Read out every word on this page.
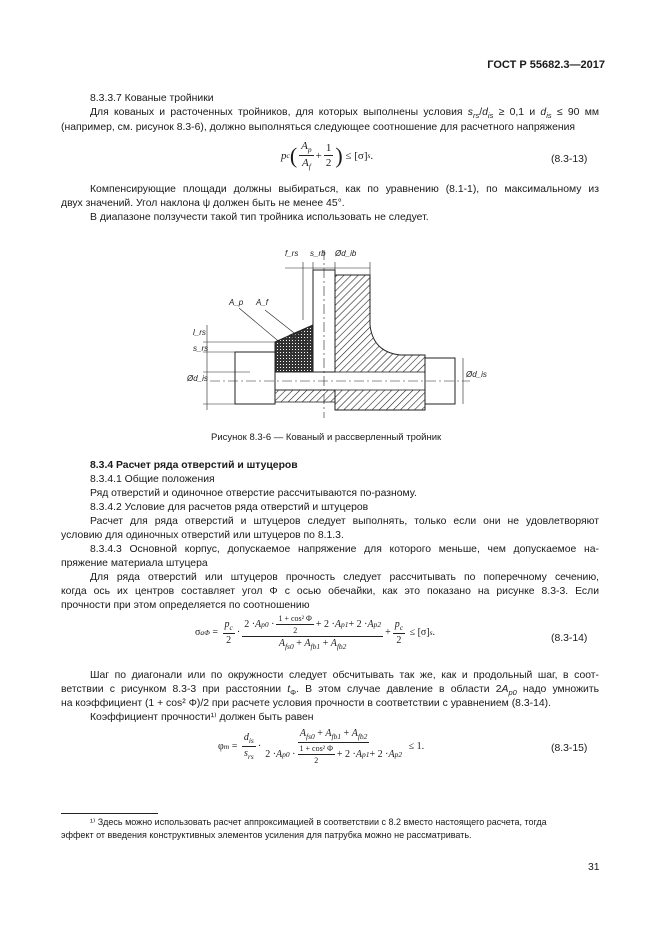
ГОСТ Р 55682.3—2017
8.3.3.7 Кованые тройники
Для кованых и расточенных тройников, для которых выполнены условия $s_{rs}/d_{is} \ge 0,1$ и $d_{is} \le 90$ мм
(например, см. рисунок 8.3-6), должно выполняться следующее соотношение для расчетного напряжения
p c ( $\frac{A_p}{A_f} + \frac{1}{2}$ ) ≤ [σ] s .	(8.3-13)
Компенсирующие площади должны выбираться, как по уравнению (8.1-1), по максимальному из
двух значений. Угол наклона ψ должен быть не менее 45°.
В диапазоне ползучести такой тип тройника использовать не следует.
f_rs s_rb Ød_ib
A_p A_f
l_rs
s_rs
Ød_is	Ød_is
Рисунок 8.3-6 — Кованый и рассверленный тройник
8.3.4 Расчет ряда отверстий и штуцеров
8.3.4.1 Общие положения
Ряд отверстий и одиночное отверстие рассчитываются по-разному.
8.3.4.2 Условие для расчетов ряда отверстий и штуцеров
Расчет для ряда отверстий и штуцеров следует выполнять, только если они не удовлетворяют
условию для одиночных отверстий или штуцеров по 8.1.3.
8.3.4.3 Основной корпус, допускаемое напряжение для которого меньше, чем допускаемое на-
пряжение материала штуцера
Для ряда отверстий или штуцеров прочность следует рассчитывать по поперечному сечению,
когда ось их центров составляет угол Φ с осью обечайки, как это показано на рисунке 8.3-3. Если
прочности при этом определяется по соотношению
σ $a\Phi = \frac{p_c}{2} \cdot \frac{2 \cdot A p0 \cdot \frac{\text{1 + cos² Φ}}{2} + 2 \cdot A p1 + 2 \cdot A p2}{A_{fs0} + A_{fb1} + A_{fb2}} + \frac{p_c}{2} \le [\sigma]$ s .
(8.3-14)
Шаг по диагонали или по окружности следует обсчитывать так же, как и продольный шаг, в соот-
ветствии с рисунком 8.3-3 при расстоянии $t_\Phi$. В этом случае давление в области $2A_{p0}$ надо умножить
на коэффициент (1 + cos² Φ)/2 при расчете условия прочности в соответствии с уравнением (8.3-14).
Коэффициент прочности¹⁾ должен быть равен
φ $m = \frac{d_{is}}{s_{rs}} \cdot \frac{A_{fs0} + A_{fb1} + A_{fb2}}{2 \cdot A p0 \cdot \frac{\text{1 + cos² Φ}}{2} + 2 \cdot A p1 + 2 \cdot A p2} \le 1$.	(8.3-15)
¹⁾ Здесь можно использовать расчет аппроксимацией в соответствии с 8.2 вместо настоящего расчета, тогда
эффект от введения конструктивных элементов усиления для патрубка можно не рассматривать.
31
